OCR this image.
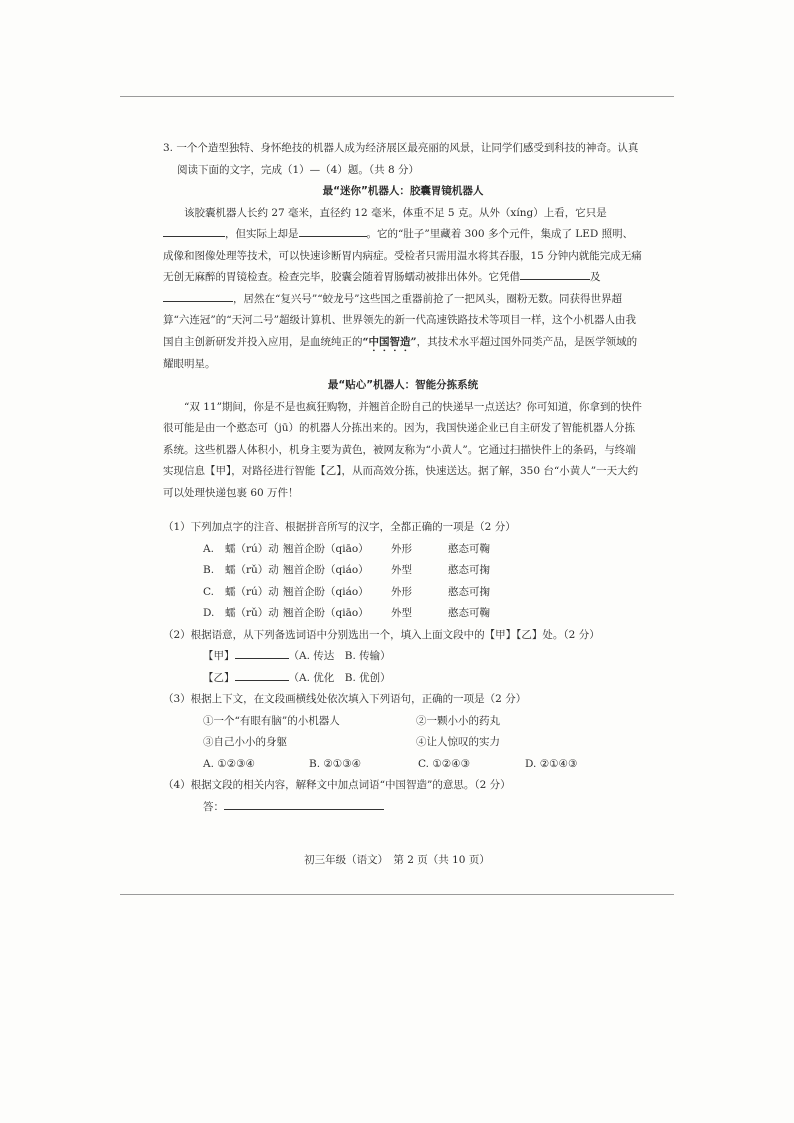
3. 一个个造型独特、身怀绝技的机器人成为经济展区最亮丽的风景，让同学们感受到科技的神奇。认真阅读下面的文字，完成（1）—（4）题。（共 8 分）

最“迷你”机器人：胶囊胃镜机器人

该胶囊机器人长约 27 毫米，直径约 12 毫米，体重不足 5 克。从外（xíng）上看，它只是，但实际上却是	。它的“肚子”里藏着 300 多个元件，集成了 LED 照明、成像和图像处理等技术，可以快速诊断胃内病症。受检者只需用温水将其吞服，15 分钟内就能完成无痛无创无麻醉的胃镜检查。检查完毕，胶囊会随着胃肠蠕动被排出体外。它凭借	及，居然在“复兴号”“蛟龙号”这些国之重器前抢了一把风头，圈粉无数。同获得世界超算“六连冠”的“天河二号”超级计算机、世界领先的新一代高速铁路技术等项目一样，这个小机器人由我国自主创新研发并投入应用，是血统纯正的“中国智造”，其技术水平超过国外同类产品，是医学领域的耀眼明星。

最“贴心”机器人：智能分拣系统

“双 11”期间，你是不是也疯狂购物，并翘首企盼自己的快递早一点送达？你可知道，你拿到的快件很可能是由一个憨态可（jū）的机器人分拣出来的。因为，我国快递企业已自主研发了智能机器人分拣系统。这些机器人体积小，机身主要为黄色，被网友称为“小黄人”。它通过扫描快件上的条码，与终端实现信息【甲】，对路径进行智能【乙】，从而高效分拣，快速送达。据了解，350 台“小黄人”一天大约可以处理快递包裹 60 万件！

（1）下列加点字的注音、根据拼音所写的汉字，全都正确的一项是（2 分）

A. 蠕（rú）动 翘首企盼（qiāo） 外形	憨态可鞠
B. 蠕（rǔ）动 翘首企盼（qiáo） 外型	憨态可掬
C. 蠕（rú）动 翘首企盼（qiáo） 外形	憨态可掬
D. 蠕（rǔ）动 翘首企盼（qiāo） 外型	憨态可鞠

（2）根据语意，从下列备选词语中分别选出一个，填入上面文段中的【甲】【乙】处。（2 分）

【甲】	（A. 传达　B. 传输）

【乙】	（A. 优化　B. 优创）

（3）根据上下文，在文段画横线处依次填入下列语句，正确的一项是（2 分）

①一个“有眼有脑”的小机器人	②一颗小小的药丸
③自己小小的身躯	④让人惊叹的实力
A. ①②③④	B. ②①③④	C. ①②④③	D. ②①④③

（4）根据文段的相关内容，解释文中加点词语“中国智造”的意思。（2 分）

答：

初三年级（语文）　第 2 页（共 10 页）
